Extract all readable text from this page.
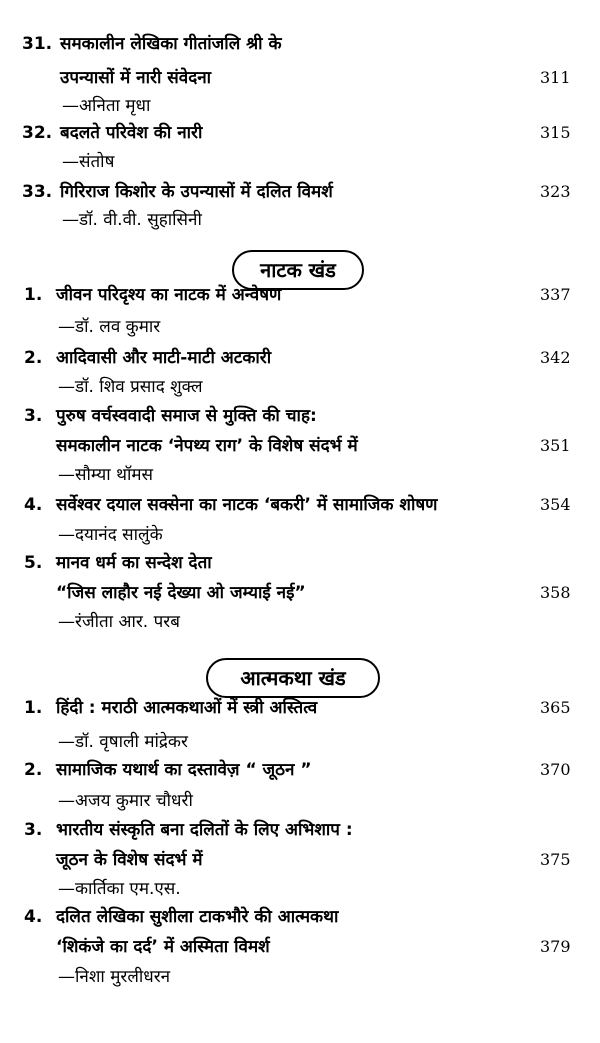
31. समकालीन लेखिका गीतांजलि श्री के
उपन्यासों में नारी संवेदना	311
—अनिता मृधा
32. बदलते परिवेश की नारी	315
—संतोष
33. गिरिराज किशोर के उपन्यासों में दलित विमर्श	323
—डॉ. वी.वी. सुहासिनी
नाटक खंड
1. जीवन परिदृश्य का नाटक में अन्वेषण	337
—डॉ. लव कुमार
2. आदिवासी और माटी-माटी अटकारी	342
—डॉ. शिव प्रसाद शुक्ल
3. पुरुष वर्चस्ववादी समाज से मुक्ति की चाह:
समकालीन नाटक ‘नेपथ्य राग’ के विशेष संदर्भ में	351
—सौम्या थॉमस
4. सर्वेश्वर दयाल सक्सेना का नाटक ‘बकरी’ में सामाजिक शोषण	354
—दयानंद सालुंके
5. मानव धर्म का सन्देश देता
“जिस लाहौर नई देख्या ओ जम्याई नई”	358
—रंजीता आर. परब
आत्मकथा खंड
1. हिंदी : मराठी आत्मकथाओं में स्त्री अस्तित्व	365
—डॉ. वृषाली मांद्रेकर
2. सामाजिक यथार्थ का दस्तावेज़ “ जूठन ”	370
—अजय कुमार चौधरी
3. भारतीय संस्कृति बना दलितों के लिए अभिशाप :
जूठन के विशेष संदर्भ में	375
—कार्तिका एम.एस.
4. दलित लेखिका सुशीला टाकभौरे की आत्मकथा
‘शिकंजे का दर्द’ में अस्मिता विमर्श	379
—निशा मुरलीधरन
